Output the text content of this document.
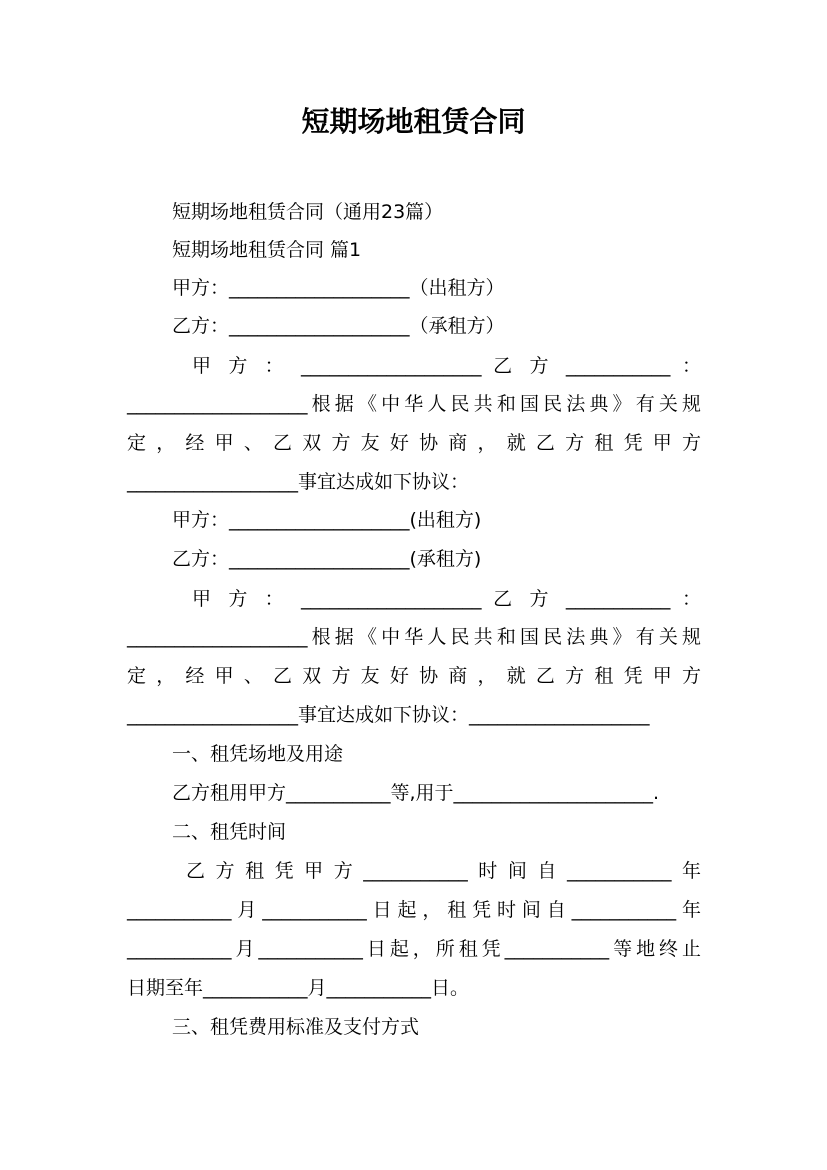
短期场地租赁合同
短期场地租赁合同（通用23篇）
短期场地租赁合同 篇1
甲方：___________________（出租方）
乙方：___________________（承租方）
甲 方 ： ___________________ 乙 方 ___________ ：
___________________根据《中华人民共和国民法典》有关规
定，经甲、乙双方友好协商，就乙方租凭甲方
__________________事宜达成如下协议：
甲方：___________________(出租方)
乙方：___________________(承租方)
甲 方 ： ___________________ 乙 方 ___________ ：
___________________根据《中华人民共和国民法典》有关规
定，经甲、乙双方友好协商，就乙方租凭甲方
__________________事宜达成如下协议：___________________
一、租凭场地及用途
乙方租用甲方___________等,用于_____________________.
二、租凭时间
乙方租凭甲方___________时间自___________年
___________月___________日起，租凭时间自___________年
___________月___________日起，所租凭___________等地终止
日期至年___________月___________日。
三、租凭费用标准及支付方式
